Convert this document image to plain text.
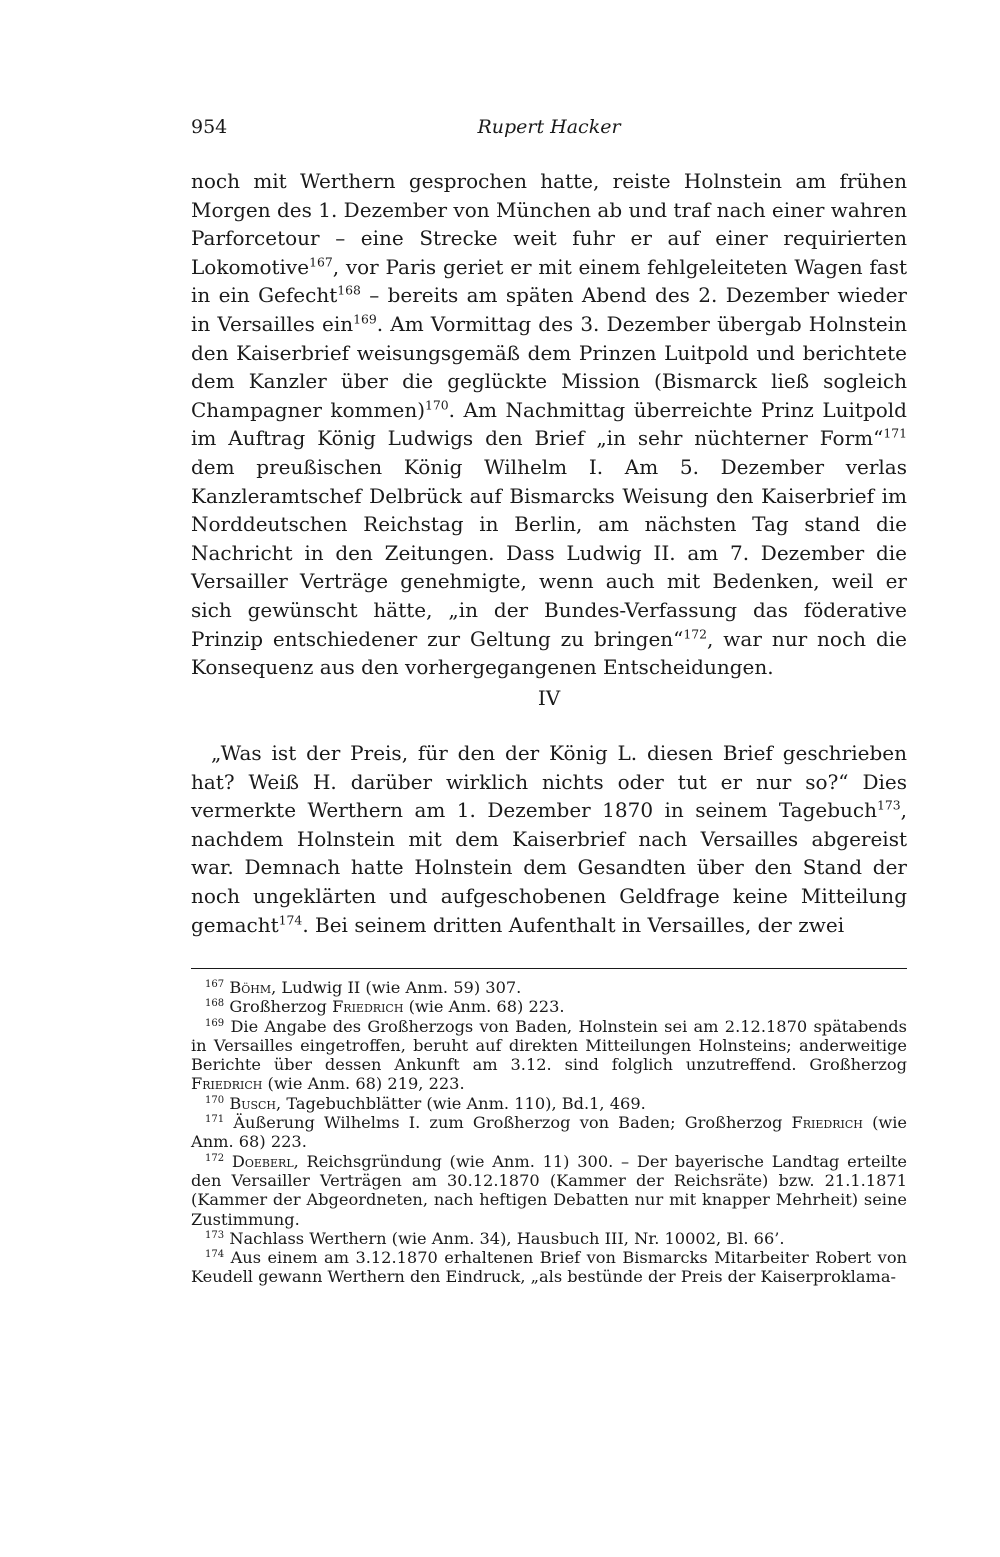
954	Rupert Hacker

noch mit Werthern gesprochen hatte, reiste Holnstein am frühen Morgen des 1. Dezember von München ab und traf nach einer wahren Parforcetour – eine Strecke weit fuhr er auf einer requirierten Lokomotive$^{167}$, vor Paris geriet er mit einem fehlgeleiteten Wagen fast in ein Gefecht$^{168}$ – bereits am späten Abend des 2. Dezember wieder in Versailles ein$^{169}$. Am Vormittag des 3. Dezember übergab Holnstein den Kaiserbrief weisungsgemäß dem Prinzen Luitpold und berichtete dem Kanzler über die geglückte Mission (Bismarck ließ sogleich Champagner kommen)$^{170}$. Am Nachmittag überreichte Prinz Luitpold im Auftrag König Ludwigs den Brief „in sehr nüchterner Form“$^{171}$ dem preußischen König Wilhelm I. Am 5. Dezember verlas Kanzleramtschef Delbrück auf Bismarcks Weisung den Kaiserbrief im Norddeutschen Reichstag in Berlin, am nächsten Tag stand die Nachricht in den Zeitungen. Dass Ludwig II. am 7. Dezember die Versailler Verträge genehmigte, wenn auch mit Bedenken, weil er sich gewünscht hätte, „in der Bundes-Verfassung das föderative Prinzip entschiedener zur Geltung zu bringen“$^{172}$, war nur noch die Konsequenz aus den vorhergegangenen Entscheidungen.

IV

„Was ist der Preis, für den der König L. diesen Brief geschrieben hat? Weiß H. darüber wirklich nichts oder tut er nur so?“ Dies vermerkte Werthern am 1. Dezember 1870 in seinem Tagebuch$^{173}$, nachdem Holnstein mit dem Kaiserbrief nach Versailles abgereist war. Demnach hatte Holnstein dem Gesandten über den Stand der noch ungeklärten und aufgeschobenen Geldfrage keine Mitteilung gemacht$^{174}$. Bei seinem dritten Aufenthalt in Versailles, der zwei

$^{167}$ Böhm, Ludwig II (wie Anm. 59) 307.

$^{168}$ Großherzog Friedrich (wie Anm. 68) 223.

$^{169}$ Die Angabe des Großherzogs von Baden, Holnstein sei am 2.12.1870 spätabends in Versailles eingetroffen, beruht auf direkten Mitteilungen Holnsteins; anderweitige Berichte über dessen Ankunft am 3.12. sind folglich unzutreffend. Großherzog Friedrich (wie Anm. 68) 219, 223.

$^{170}$ Busch, Tagebuchblätter (wie Anm. 110), Bd.1, 469.

$^{171}$ Äußerung Wilhelms I. zum Großherzog von Baden; Großherzog Friedrich (wie Anm. 68) 223.

$^{172}$ Doeberl, Reichsgründung (wie Anm. 11) 300. – Der bayerische Landtag erteilte den Versailler Verträgen am 30.12.1870 (Kammer der Reichsräte) bzw. 21.1.1871 (Kammer der Abgeordneten, nach heftigen Debatten nur mit knapper Mehrheit) seine Zustimmung.

$^{173}$ Nachlass Werthern (wie Anm. 34), Hausbuch III, Nr. 10002, Bl. 66’.

$^{174}$ Aus einem am 3.12.1870 erhaltenen Brief von Bismarcks Mitarbeiter Robert von Keudell gewann Werthern den Eindruck, „als bestünde der Preis der Kaiserproklama-
